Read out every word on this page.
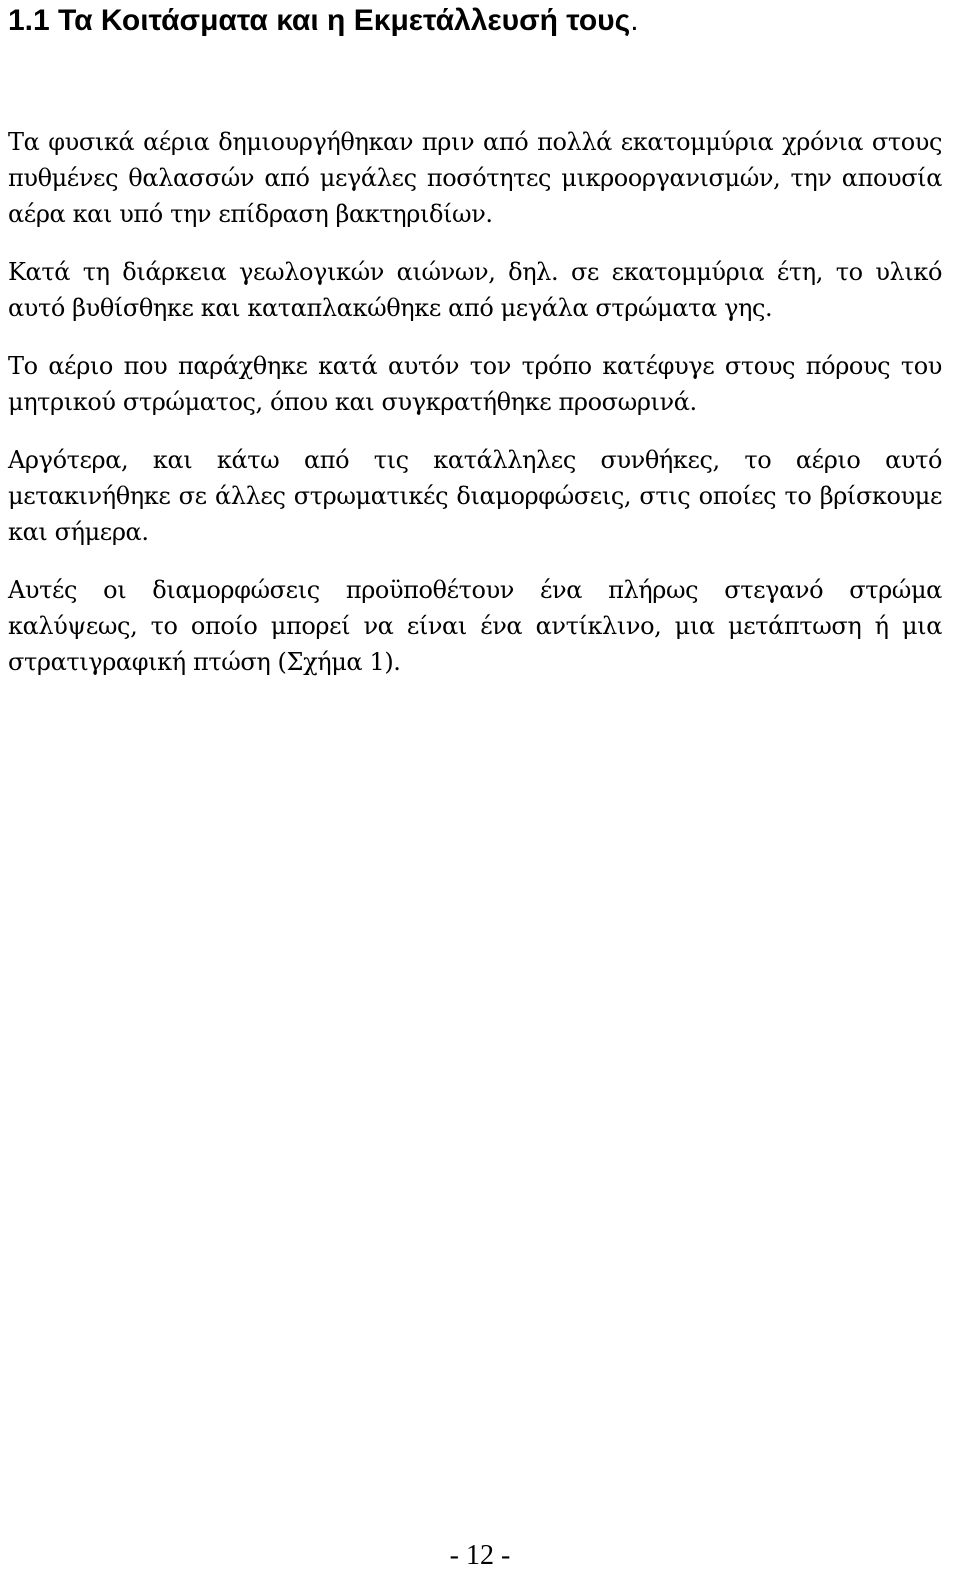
1.1 Τα Κοιτάσματα και η Εκμετάλλευσή τους.

Τα φυσικά αέρια δημιουργήθηκαν πριν από πολλά εκατομμύρια χρόνια στους πυθμένες θαλασσών από μεγάλες ποσότητες μικροοργανισμών, την απουσία αέρα και υπό την επίδραση βακτηριδίων.

Κατά τη διάρκεια γεωλογικών αιώνων, δηλ. σε εκατομμύρια έτη, το υλικό αυτό βυθίσθηκε και καταπλακώθηκε από μεγάλα στρώματα γης.

Το αέριο που παράχθηκε κατά αυτόν τον τρόπο κατέφυγε στους πόρους του μητρικού στρώματος, όπου και συγκρατήθηκε προσωρινά.

Αργότερα, και κάτω από τις κατάλληλες συνθήκες, το αέριο αυτό μετακινήθηκε σε άλλες στρωματικές διαμορφώσεις, στις οποίες το βρίσκουμε και σήμερα.

Αυτές οι διαμορφώσεις προϋποθέτουν ένα πλήρως στεγανό στρώμα καλύψεως, το οποίο μπορεί να είναι ένα αντίκλινο, μια μετάπτωση ή μια στρατιγραφική πτώση (Σχήμα 1).

- 12 -
